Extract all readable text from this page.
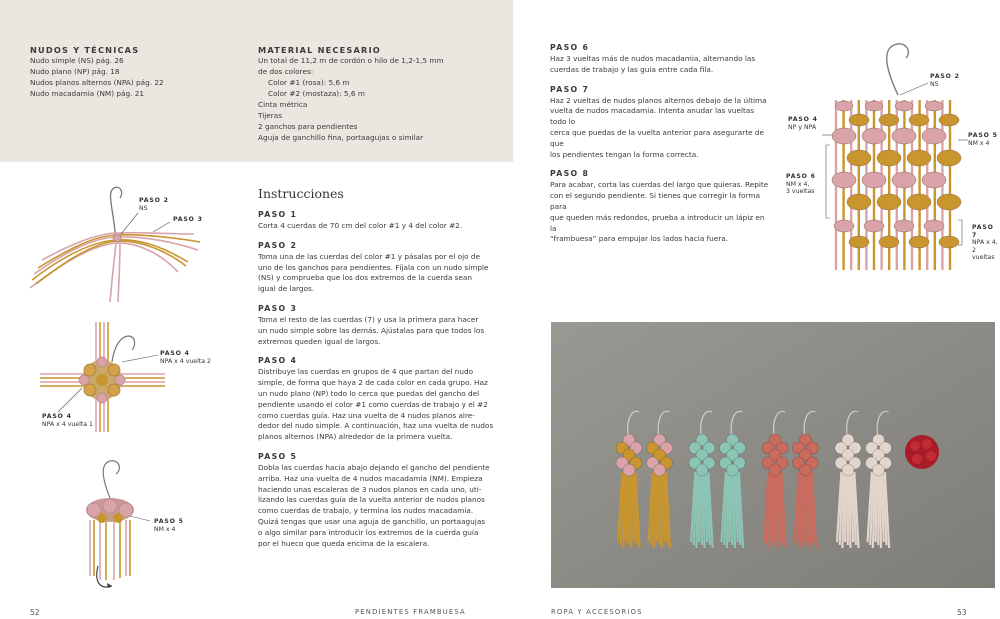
NUDOS Y TÉCNICAS
Nudo simple (NS) pág. 26
Nudo plano (NP) pág. 18
Nudos planos alternos (NPA) pág. 22
Nudo macadamia (NM) pág. 21
MATERIAL NECESARIO
Un total de 11,2 m de cordón o hilo de 1,2-1,5 mm
de dos colores:
Color #1 (rosa): 5,6 m
Color #2 (mostaza): 5,6 m
Cinta métrica
Tijeras
2 ganchos para pendientes
Aguja de ganchillo fina, portaagujas o similar
Instrucciones
PASO 1
Corta 4 cuerdas de 70 cm del color #1 y 4 del color #2.
PASO 2
Toma una de las cuerdas del color #1 y pásalas por el ojo de
uno de los ganchos para pendientes. Fíjala con un nudo simple
(NS) y comprueba que los dos extremos de la cuerda sean
igual de largos.
PASO 3
Toma el resto de las cuerdas (7) y usa la primera para hacer
un nudo simple sobre las demás. Ajústalas para que todos los
extremos queden igual de largos.
PASO 4
Distribuye las cuerdas en grupos de 4 que partan del nudo
simple, de forma que haya 2 de cada color en cada grupo. Haz
un nudo plano (NP) todo lo cerca que puedas del gancho del
pendiente usando el color #1 como cuerdas de trabajo y el #2
como cuerdas guía. Haz una vuelta de 4 nudos planos alre-
dedor del nudo simple. A continuación, haz una vuelta de nudos
planos alternos (NPA) alrededor de la primera vuelta.
PASO 5
Dobla las cuerdas hacia abajo dejando el gancho del pendiente
arriba. Haz una vuelta de 4 nudos macadamia (NM). Empieza
haciendo unas escaleras de 3 nudos planos en cada uno, uti-
lizando las cuerdas guía de la vuelta anterior de nudos planos
como cuerdas de trabajo, y termina los nudos macadamia.
Quizá tengas que usar una aguja de ganchillo, un portaagujas
o algo similar para introducir los extremos de la cuerda guía
por el hueco que queda encima de la escalera.
PASO 2
NS
PASO 3
PASO 4
NPA x 4 vuelta 2
PASO 4
NPA x 4 vuelta 1
PASO 5
NM x 4
52	PENDIENTES FRAMBUESA
PASO 6
Haz 3 vueltas más de nudos macadamia, alternando las
cuerdas de trabajo y las guía entre cada fila.
PASO 7
Haz 2 vueltas de nudos planos alternos debajo de la última
vuelta de nudos macadamia. Intenta anudar las vueltas todo lo
cerca que puedas de la vuelta anterior para asegurarte de que
los pendientes tengan la forma correcta.
PASO 8
Para acabar, corta las cuerdas del largo que quieras. Repite
con el segundo pendiente. Si tienes que corregir la forma para
que queden más redondos, prueba a introducir un lápiz en la
“frambuesa” para empujar los lados hacia fuera.
PASO 2
NS
PASO 4
NP y NPA
PASO 5
NM x 4
PASO 6
NM x 4,
3 vueltas
PASO 7
NPA x 4,
2 vueltas
ROPA Y ACCESORIOS	53
